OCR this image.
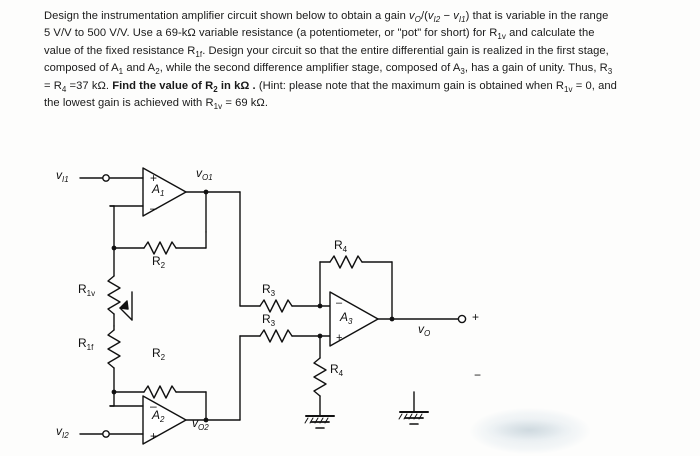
Design the instrumentation amplifier circuit shown below to obtain a gain $v_O/(v_{I2} - v_{I1})$ that is variable in the range
5 V/V to 500 V/V. Use a 69-kΩ variable resistance (a potentiometer, or "pot" for short) for $R_{1v}$ and calculate the
value of the fixed resistance $R_{1f}$. Design your circuit so that the entire differential gain is realized in the first stage,
composed of $A_1$ and $A_2$, while the second difference amplifier stage, composed of $A_3$, has a gain of unity. Thus, $R_3$
= $R_4 =37$ kΩ. Find the value of $R_2$ in kΩ . (Hint: please note that the maximum gain is obtained when $R_{1v} = 0$, and
the lowest gain is achieved with $R_{1v} = 69$ kΩ.
+
–
–
+
–
+
$v_{I1}$
$v_{I2}$
$v_{O1}$
$v_{O2}$
$v_O$
$A_1$
$A_2$
$A_3$
$R_2$
$R_2$
$R_{1v}$
$R_{1f}$
$R_3$
$R_3$
$R_4$
$R_4$
+
−
